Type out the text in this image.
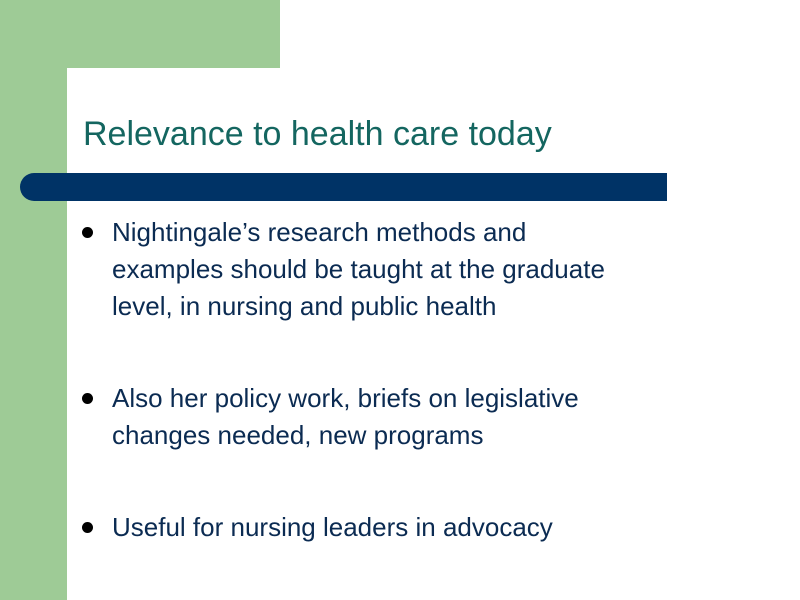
Relevance to health care today
Nightingale’s research methods and
examples should be taught at the graduate
level, in nursing and public health
Also her policy work, briefs on legislative
changes needed, new programs
Useful for nursing leaders in advocacy
